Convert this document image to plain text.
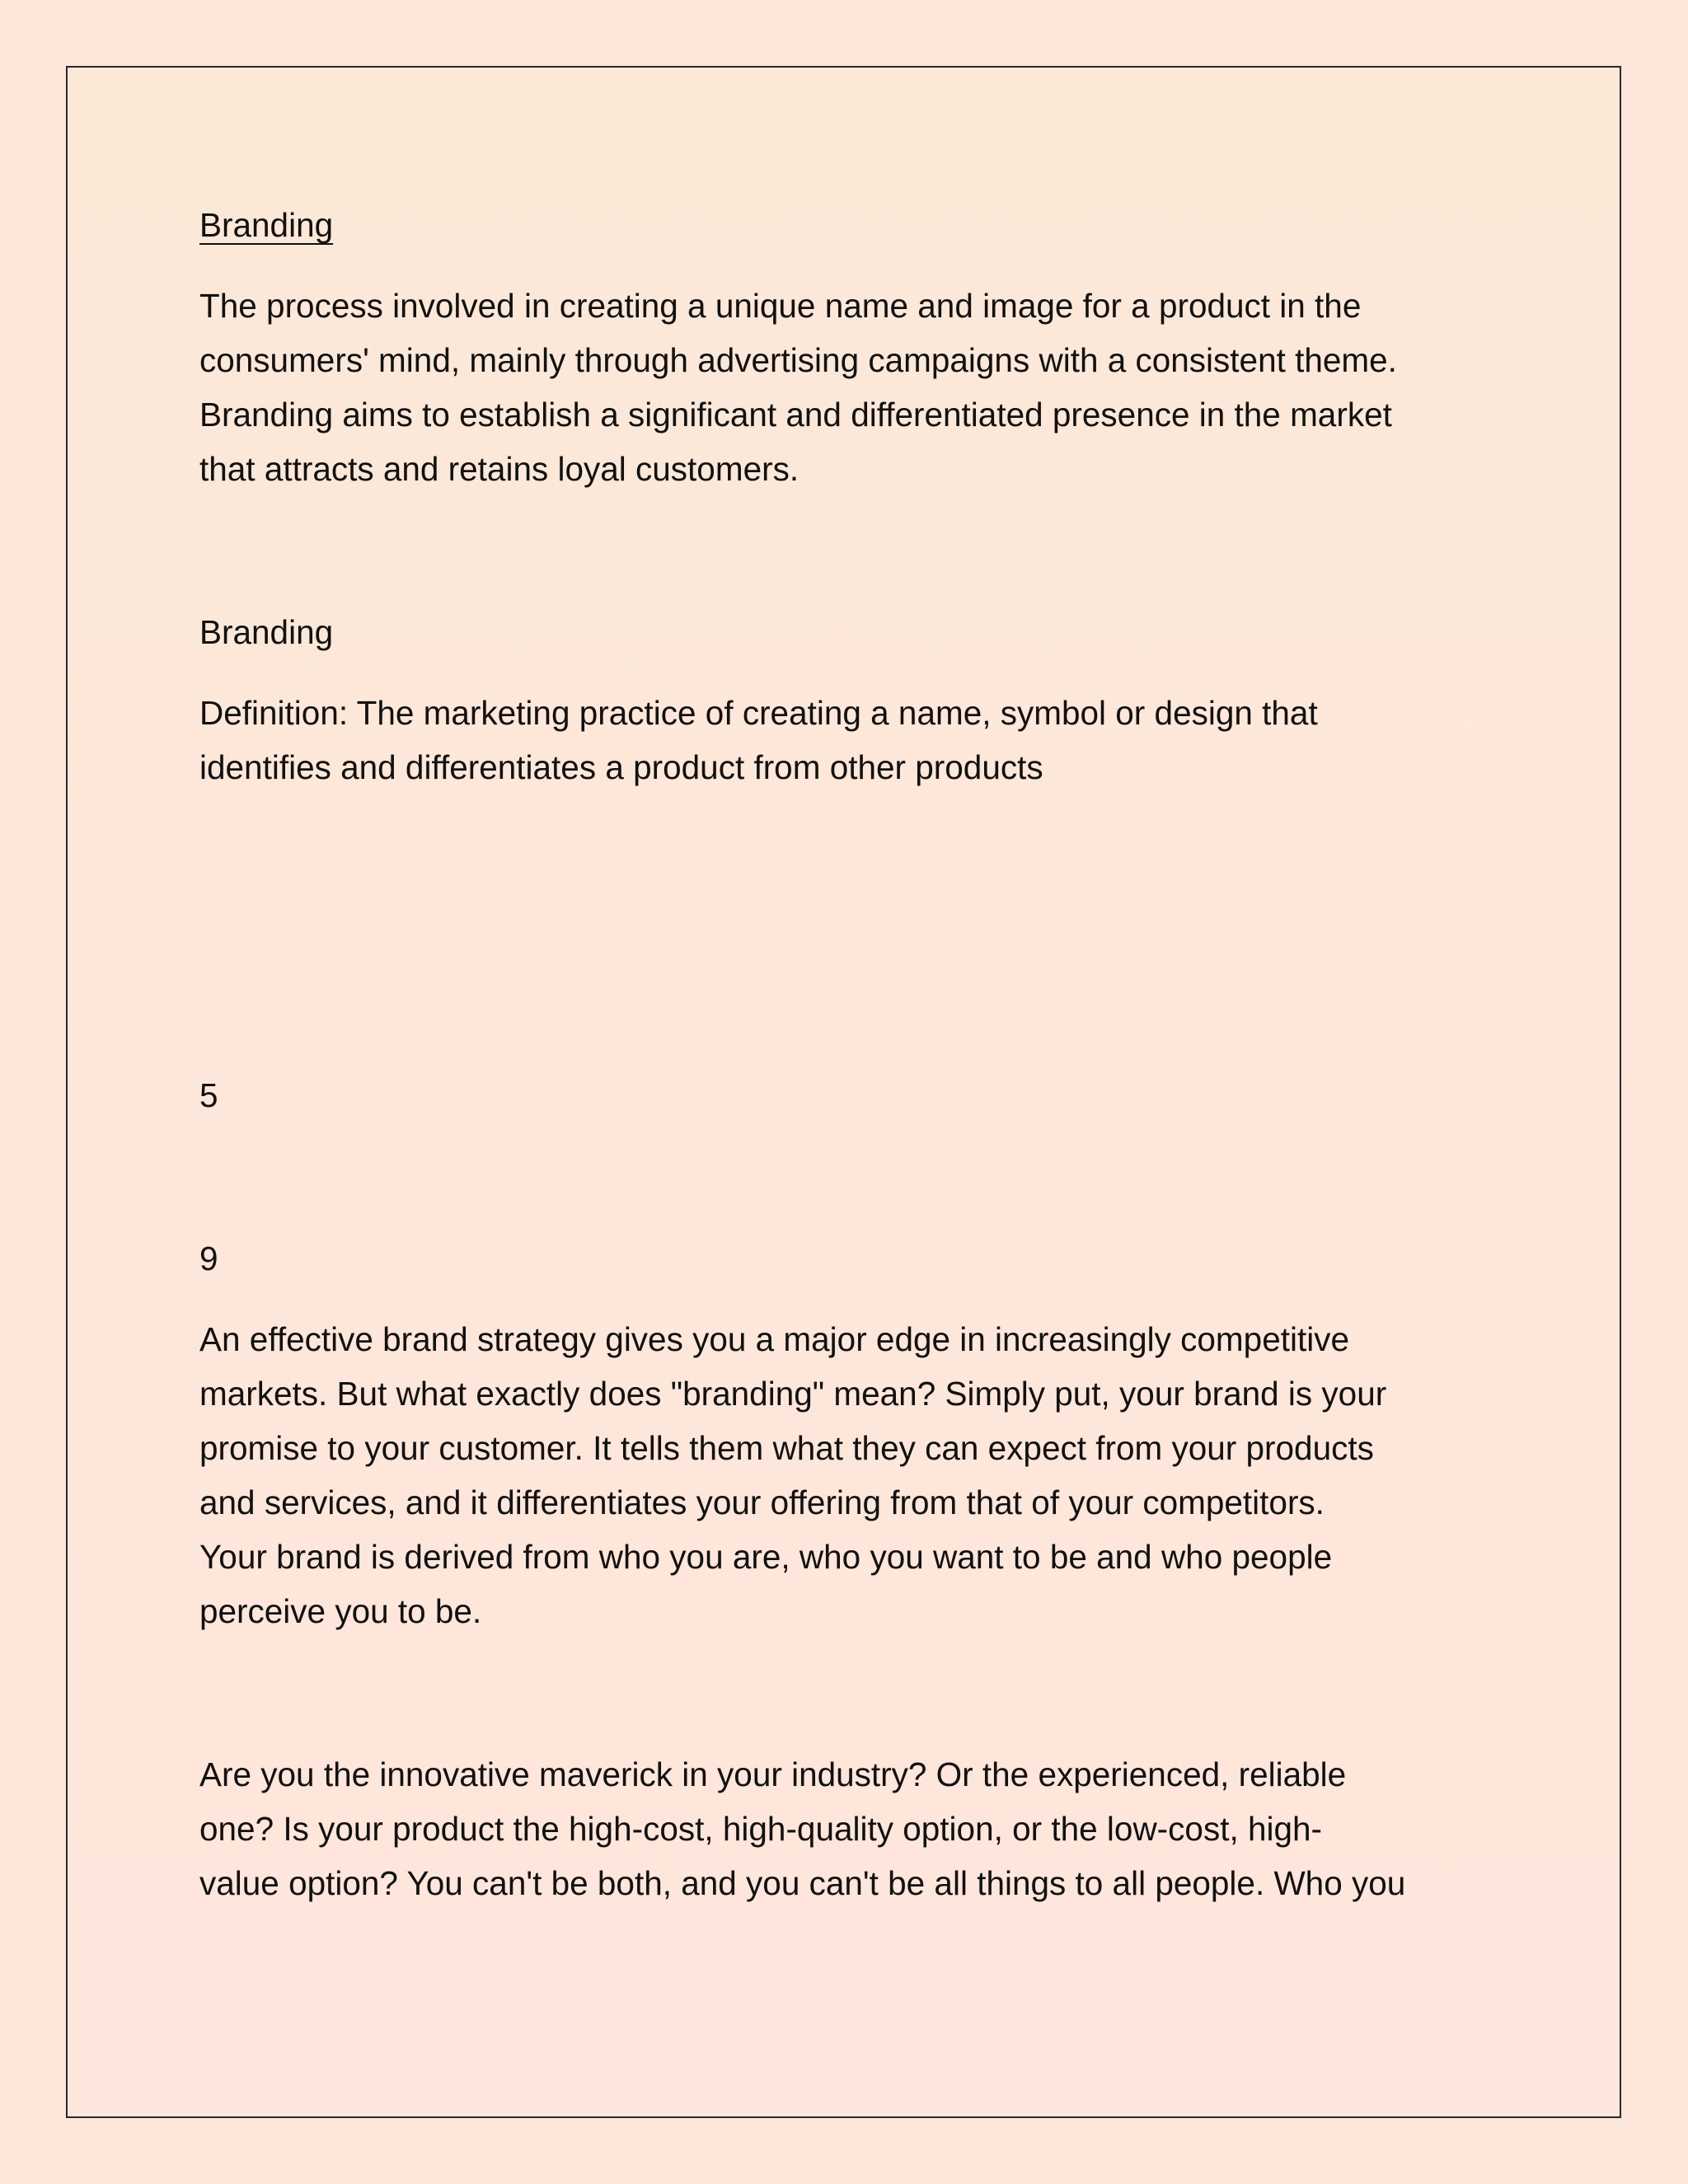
Branding

The process involved in creating a unique name and image for a product in the

consumers' mind, mainly through advertising campaigns with a consistent theme.

Branding aims to establish a significant and differentiated presence in the market

that attracts and retains loyal customers.

Branding

Definition: The marketing practice of creating a name, symbol or design that

identifies and differentiates a product from other products

5

9

An effective brand strategy gives you a major edge in increasingly competitive

markets. But what exactly does "branding" mean? Simply put, your brand is your

promise to your customer. It tells them what they can expect from your products

and services, and it differentiates your offering from that of your competitors.

Your brand is derived from who you are, who you want to be and who people

perceive you to be.

Are you the innovative maverick in your industry? Or the experienced, reliable

one? Is your product the high-cost, high-quality option, or the low-cost, high-

value option? You can't be both, and you can't be all things to all people. Who you
